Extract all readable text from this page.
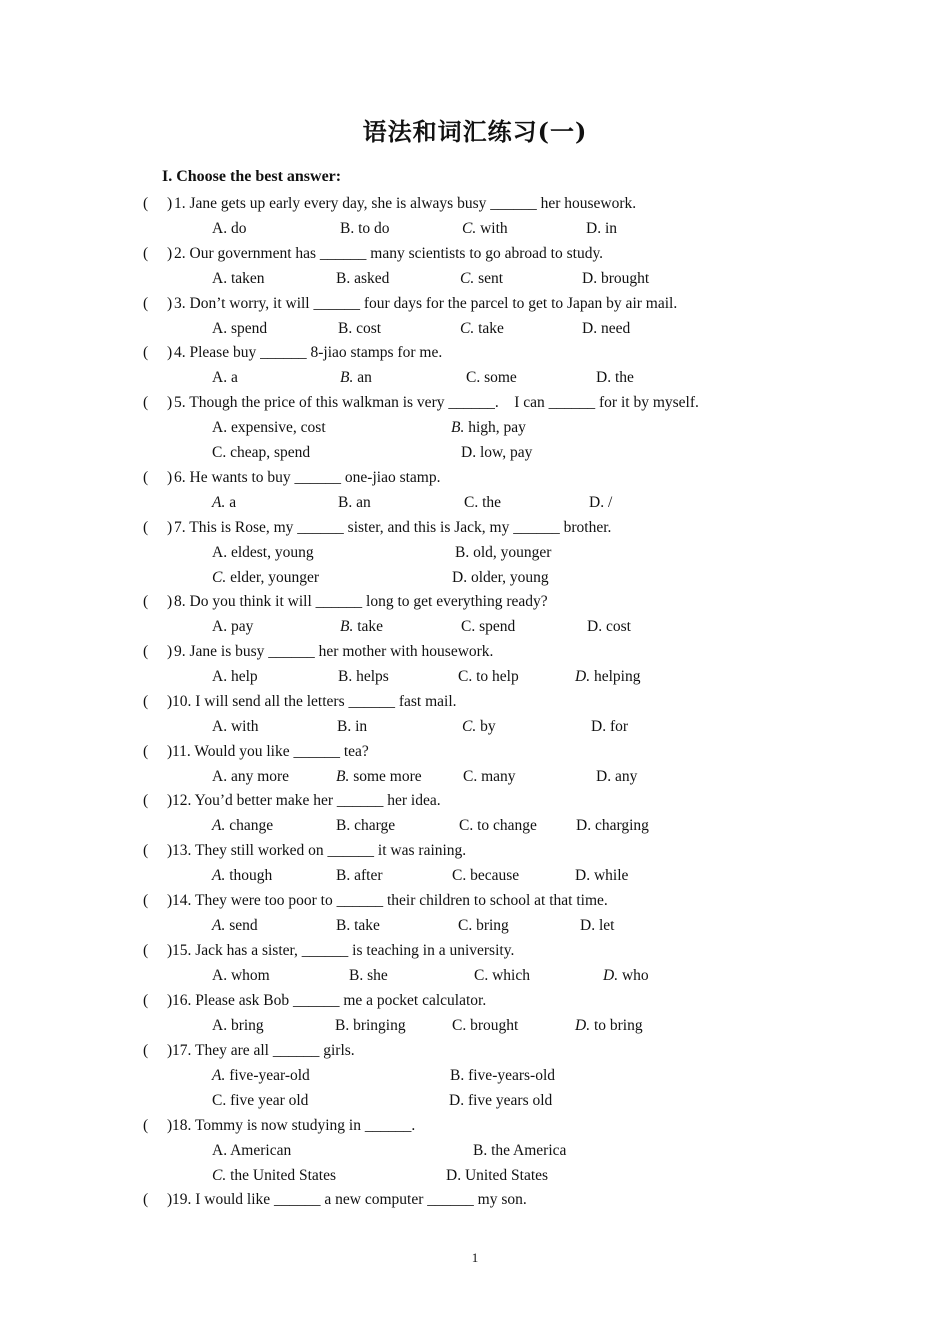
语法和词汇练习(一)
I. Choose the best answer:
( ) 1. Jane gets up early every day, she is always busy ______ her housework.
A. do	B. to do	C. with	D. in
( ) 2. Our government has ______ many scientists to go abroad to study.
A. taken	B. asked	C. sent	D. brought
( ) 3. Don’t worry, it will ______ four days for the parcel to get to Japan by air mail.
A. spend	B. cost	C. take	D. need
( ) 4. Please buy ______ 8-jiao stamps for me.
A. a	B. an	C. some	D. the
( ) 5. Though the price of this walkman is very ______.    I can ______ for it by myself.
A. expensive, cost	B. high, pay
C. cheap, spend	D. low, pay
( ) 6. He wants to buy ______ one-jiao stamp.
A. a	B. an	C. the	D. /
( ) 7. This is Rose, my ______ sister, and this is Jack, my ______ brother.
A. eldest, young	B. old, younger
C. elder, younger	D. older, young
( ) 8. Do you think it will ______ long to get everything ready?
A. pay	B. take	C. spend	D. cost
( ) 9. Jane is busy ______ her mother with housework.
A. help	B. helps	C. to help	D. helping
( ) 10. I will send all the letters ______ fast mail.
A. with	B. in	C. by	D. for
( ) 11. Would you like ______ tea?
A. any more	B. some more	C. many	D. any
( ) 12. You’d better make her ______ her idea.
A. change	B. charge	C. to change	D. charging
( ) 13. They still worked on ______ it was raining.
A. though	B. after	C. because	D. while
( ) 14. They were too poor to ______ their children to school at that time.
A. send	B. take	C. bring	D. let
( ) 15. Jack has a sister, ______ is teaching in a university.
A. whom	B. she	C. which	D. who
( ) 16. Please ask Bob ______ me a pocket calculator.
A. bring	B. bringing	C. brought	D. to bring
( ) 17. They are all ______ girls.
A. five-year-old	B. five-years-old
C. five year old	D. five years old
( ) 18. Tommy is now studying in ______.
A. American	B. the America
C. the United States	D. United States
( ) 19. I would like ______ a new computer ______ my son.
1
